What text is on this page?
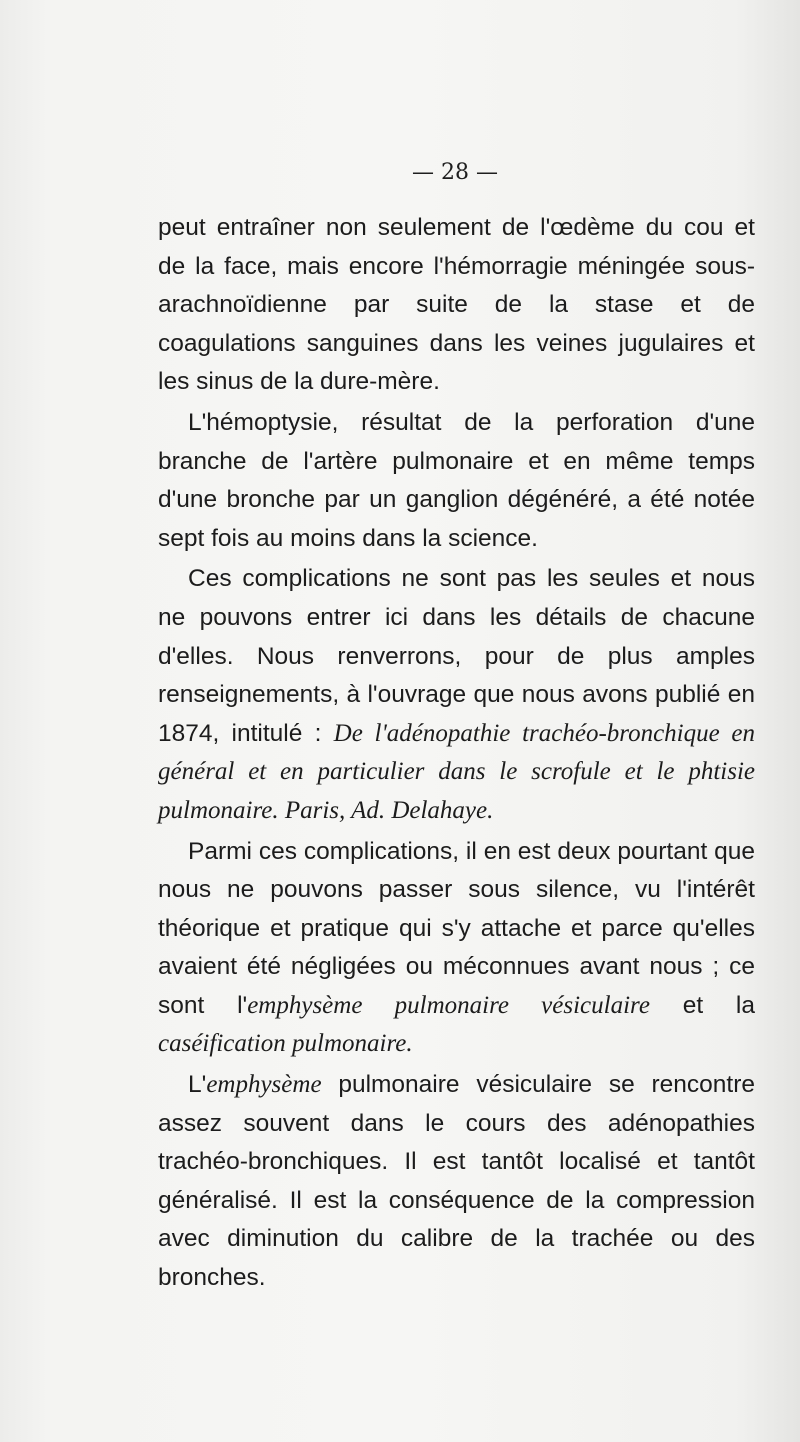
— 28 —

peut entraîner non seulement de l'œdème du cou et de la face, mais encore l'hémorragie méningée sous-arachnoïdienne par suite de la stase et de coagulations sanguines dans les veines jugulaires et les sinus de la dure-mère.

L'hémoptysie, résultat de la perforation d'une branche de l'artère pulmonaire et en même temps d'une bronche par un ganglion dégénéré, a été notée sept fois au moins dans la science.

Ces complications ne sont pas les seules et nous ne pouvons entrer ici dans les détails de chacune d'elles. Nous renverrons, pour de plus amples renseignements, à l'ouvrage que nous avons publié en 1874, intitulé : De l'adénopathie trachéo-bronchique en général et en particulier dans le scrofule et le phtisie pulmonaire. Paris, Ad. Delahaye.

Parmi ces complications, il en est deux pourtant que nous ne pouvons passer sous silence, vu l'intérêt théorique et pratique qui s'y attache et parce qu'elles avaient été négligées ou méconnues avant nous ; ce sont l'emphysème pulmonaire vésiculaire et la caséification pulmonaire.

L'emphysème pulmonaire vésiculaire se rencontre assez souvent dans le cours des adénopathies trachéo-bronchiques. Il est tantôt localisé et tantôt généralisé. Il est la conséquence de la compression avec diminution du calibre de la trachée ou des bronches.
